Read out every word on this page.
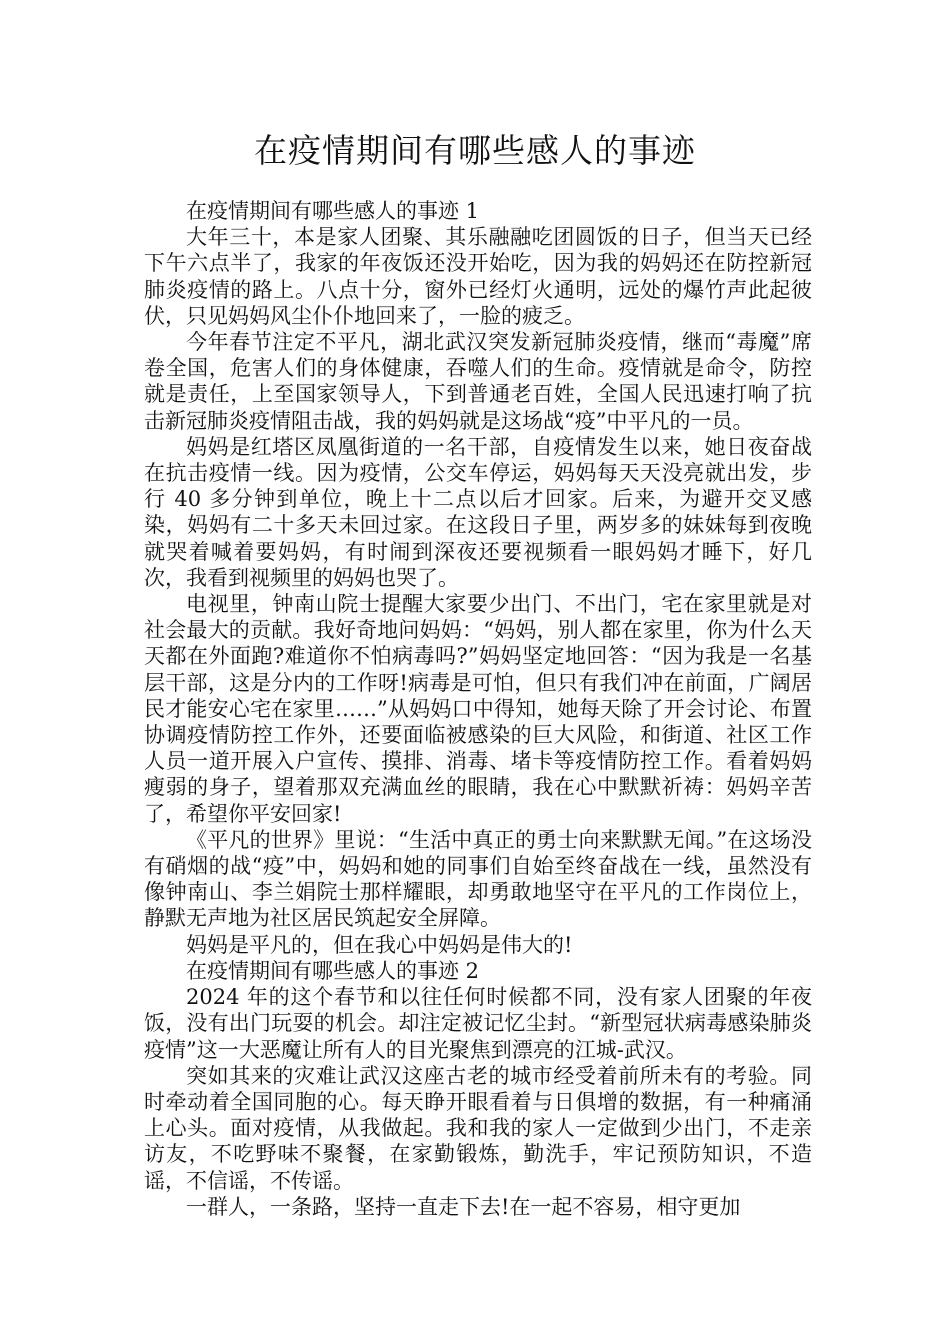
在疫情期间有哪些感人的事迹

在疫情期间有哪些感人的事迹 1

大年三十，本是家人团聚、其乐融融吃团圆饭的日子，但当天已经下午六点半了，我家的年夜饭还没开始吃，因为我的妈妈还在防控新冠肺炎疫情的路上。八点十分，窗外已经灯火通明，远处的爆竹声此起彼伏，只见妈妈风尘仆仆地回来了，一脸的疲乏。

今年春节注定不平凡，湖北武汉突发新冠肺炎疫情，继而“毒魔”席卷全国，危害人们的身体健康，吞噬人们的生命。疫情就是命令，防控就是责任，上至国家领导人，下到普通老百姓，全国人民迅速打响了抗击新冠肺炎疫情阻击战，我的妈妈就是这场战“疫”中平凡的一员。

妈妈是红塔区凤凰街道的一名干部，自疫情发生以来，她日夜奋战在抗击疫情一线。因为疫情，公交车停运，妈妈每天天没亮就出发，步行 40 多分钟到单位，晚上十二点以后才回家。后来，为避开交叉感染，妈妈有二十多天未回过家。在这段日子里，两岁多的妹妹每到夜晚就哭着喊着要妈妈，有时闹到深夜还要视频看一眼妈妈才睡下，好几次，我看到视频里的妈妈也哭了。

电视里，钟南山院士提醒大家要少出门、不出门，宅在家里就是对社会最大的贡献。我好奇地问妈妈：“妈妈，别人都在家里，你为什么天天都在外面跑?难道你不怕病毒吗?”妈妈坚定地回答：“因为我是一名基层干部，这是分内的工作呀!病毒是可怕，但只有我们冲在前面，广阔居民才能安心宅在家里……”从妈妈口中得知，她每天除了开会讨论、布置协调疫情防控工作外，还要面临被感染的巨大风险，和街道、社区工作人员一道开展入户宣传、摸排、消毒、堵卡等疫情防控工作。看着妈妈瘦弱的身子，望着那双充满血丝的眼睛，我在心中默默祈祷：妈妈辛苦了，希望你平安回家!

《平凡的世界》里说：“生活中真正的勇士向来默默无闻。”在这场没有硝烟的战“疫”中，妈妈和她的同事们自始至终奋战在一线，虽然没有像钟南山、李兰娟院士那样耀眼，却勇敢地坚守在平凡的工作岗位上，静默无声地为社区居民筑起安全屏障。

妈妈是平凡的，但在我心中妈妈是伟大的!

在疫情期间有哪些感人的事迹 2

2024 年的这个春节和以往任何时候都不同，没有家人团聚的年夜饭，没有出门玩耍的机会。却注定被记忆尘封。“新型冠状病毒感染肺炎疫情”这一大恶魔让所有人的目光聚焦到漂亮的江城-武汉。

突如其来的灾难让武汉这座古老的城市经受着前所未有的考验。同时牵动着全国同胞的心。每天睁开眼看着与日俱增的数据，有一种痛涌上心头。面对疫情，从我做起。我和我的家人一定做到少出门，不走亲访友，不吃野味不聚餐，在家勤锻炼，勤洗手，牢记预防知识，不造谣，不信谣，不传谣。

一群人，一条路，坚持一直走下去!在一起不容易，相守更加
